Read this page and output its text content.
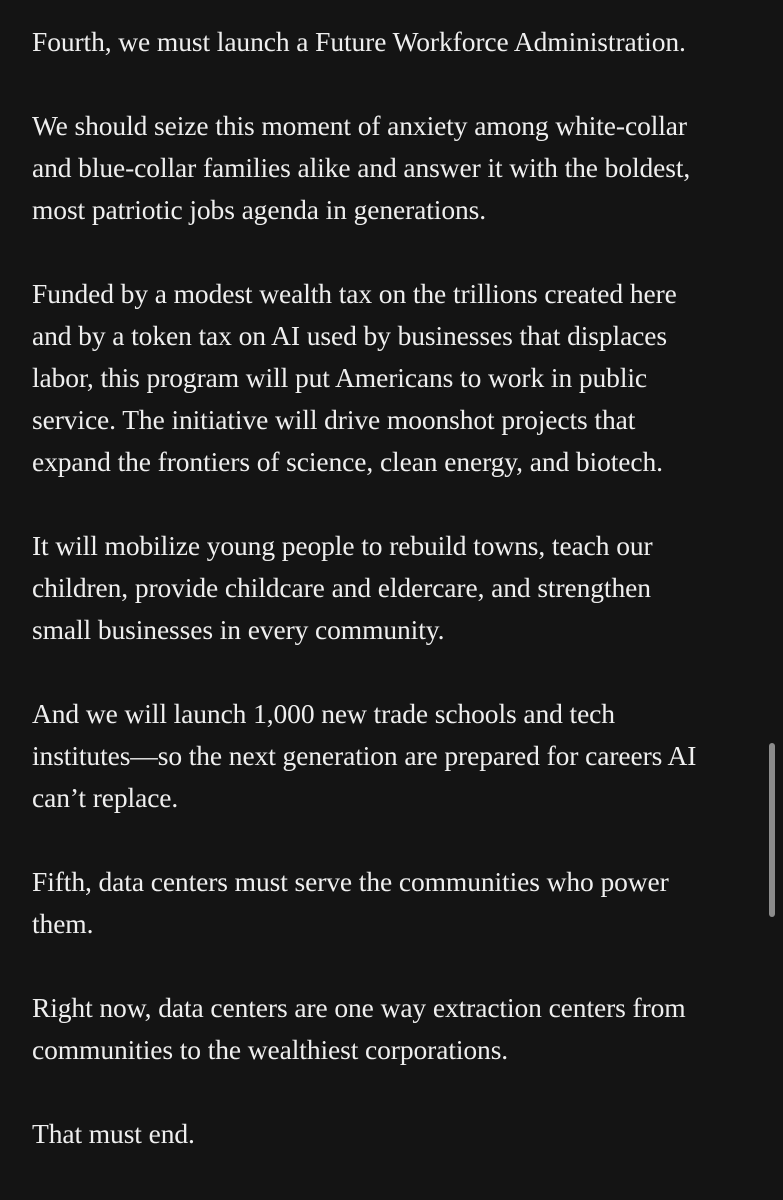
Fourth, we must launch a Future Workforce Administration.

We should seize this moment of anxiety among white-collar
and blue-collar families alike and answer it with the boldest,
most patriotic jobs agenda in generations.

Funded by a modest wealth tax on the trillions created here
and by a token tax on AI used by businesses that displaces
labor, this program will put Americans to work in public
service. The initiative will drive moonshot projects that
expand the frontiers of science, clean energy, and biotech.

It will mobilize young people to rebuild towns, teach our
children, provide childcare and eldercare, and strengthen
small businesses in every community.

And we will launch 1,000 new trade schools and tech
institutes—so the next generation are prepared for careers AI
can’t replace.

Fifth, data centers must serve the communities who power
them.

Right now, data centers are one way extraction centers from
communities to the wealthiest corporations.

That must end.
